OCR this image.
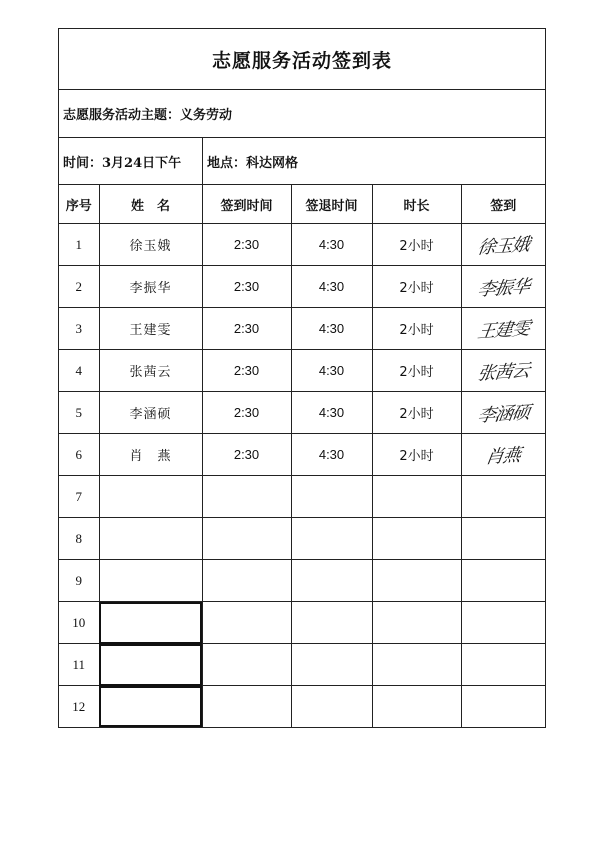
志愿服务活动签到表
志愿服务活动主题：义务劳动
时间：3月24日下午	地点：科达网格
序号	姓　名	签到时间	签退时间	时长	签到
1	徐玉娥	2:30	4:30	2小时	徐玉娥
2	李振华	2:30	4:30	2小时	李振华
3	王建雯	2:30	4:30	2小时	王建雯
4	张茜云	2:30	4:30	2小时	张茜云
5	李涵硕	2:30	4:30	2小时	李涵硕
6	肖　燕	2:30	4:30	2小时	肖燕
7					
8					
9					
10					
11					
12					
